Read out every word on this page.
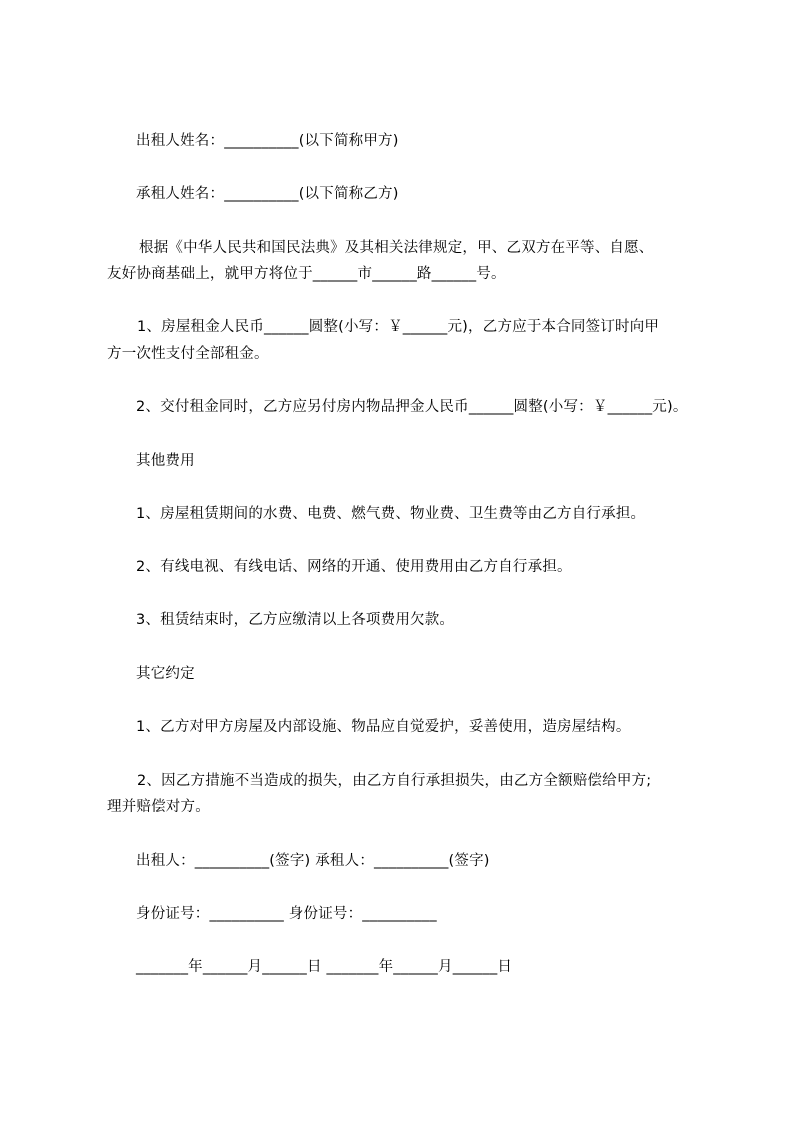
出租人姓名：__________(以下简称甲方)
承租人姓名：__________(以下简称乙方)
根据《中华人民共和国民法典》及其相关法律规定，甲、乙双方在平等、自愿、
友好协商基础上，就甲方将位于______市______路______号。
1、房屋租金人民币______圆整(小写：￥______元)，乙方应于本合同签订时向甲
方一次性支付全部租金。
2、交付租金同时，乙方应另付房内物品押金人民币______圆整(小写：￥______元)。
其他费用
1、房屋租赁期间的水费、电费、燃气费、物业费、卫生费等由乙方自行承担。
2、有线电视、有线电话、网络的开通、使用费用由乙方自行承担。
3、租赁结束时，乙方应缴清以上各项费用欠款。
其它约定
1、乙方对甲方房屋及内部设施、物品应自觉爱护，妥善使用，造房屋结构。
2、因乙方措施不当造成的损失，由乙方自行承担损失，由乙方全额赔偿给甲方;
理并赔偿对方。
出租人：__________(签字) 承租人：__________(签字)
身份证号：__________ 身份证号：__________
_______年______月______日 _______年______月______日
